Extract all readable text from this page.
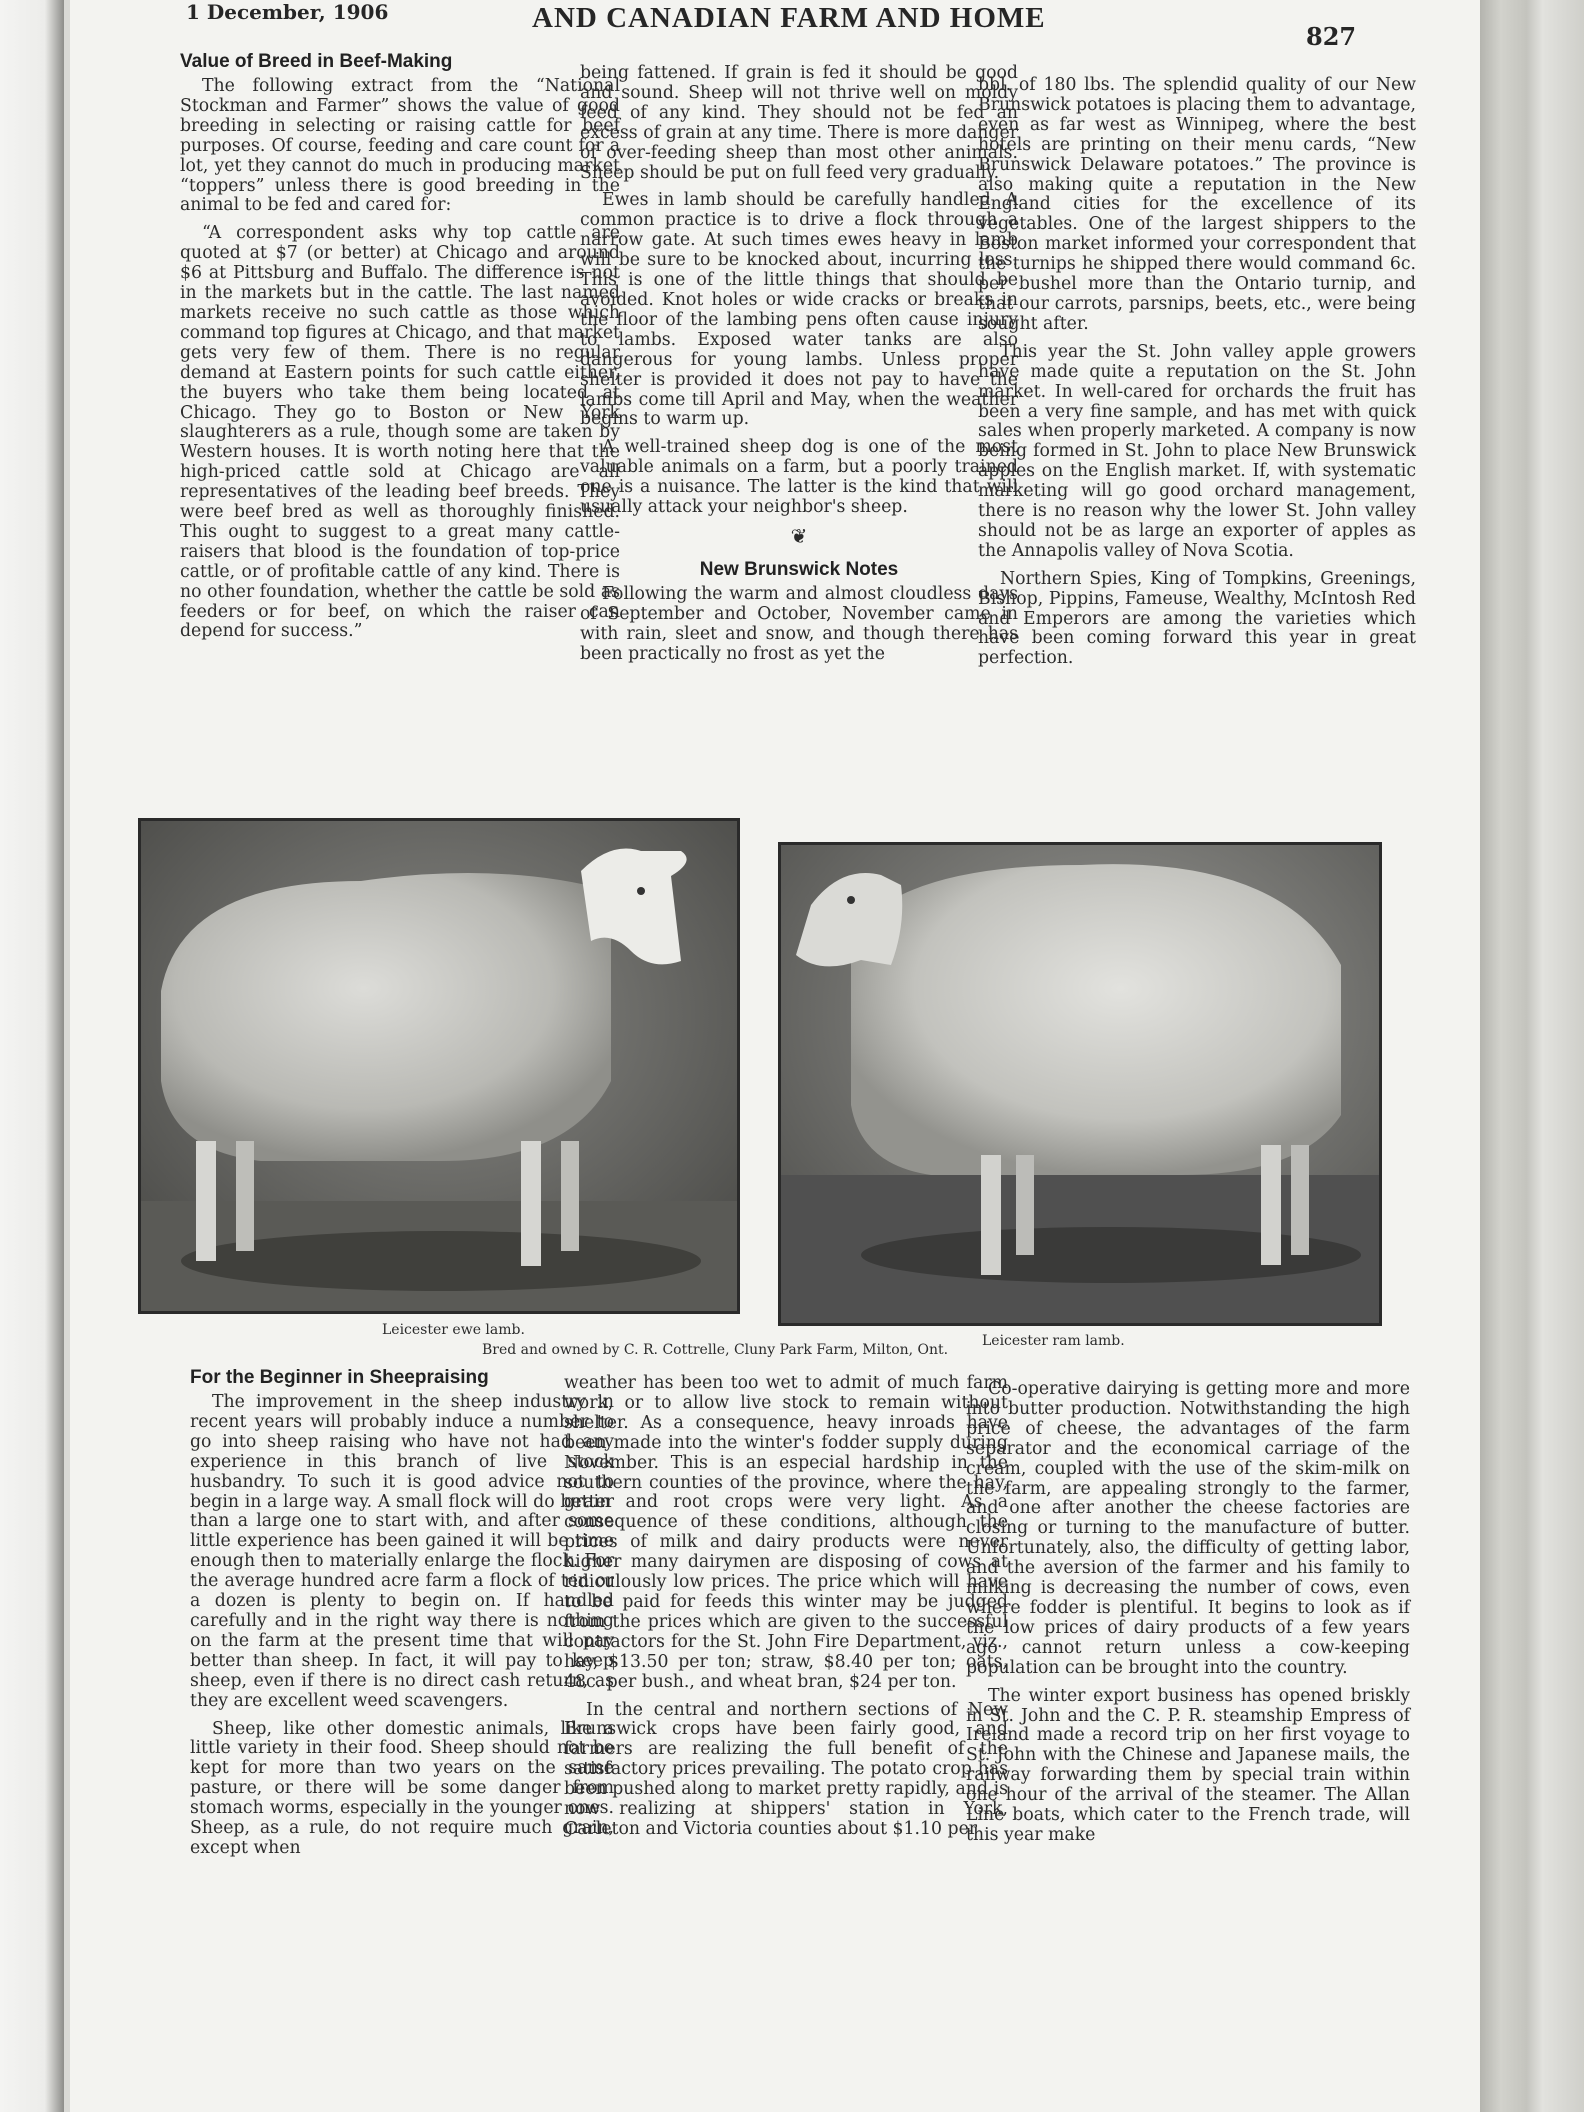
1 December, 1906	AND CANADIAN FARM AND HOME
827
Value of Breed in Beef-Making

The following extract from the “National Stockman and Farmer” shows the value of good breeding in selecting or raising cattle for beef purposes. Of course, feeding and care count for a lot, yet they cannot do much in producing market “toppers” unless there is good breeding in the animal to be fed and cared for:

“A correspondent asks why top cattle are quoted at $7 (or better) at Chicago and around $6 at Pittsburg and Buffalo. The difference is not in the markets but in the cattle. The last named markets receive no such cattle as those which command top figures at Chicago, and that market gets very few of them. There is no regular demand at Eastern points for such cattle either, the buyers who take them being located at Chicago. They go to Boston or New York slaughterers as a rule, though some are taken by Western houses. It is worth noting here that the high-priced cattle sold at Chicago are all representatives of the leading beef breeds. They were beef bred as well as thoroughly finished. This ought to suggest to a great many cattle-raisers that blood is the foundation of top-price cattle, or of profitable cattle of any kind. There is no other foundation, whether the cattle be sold as feeders or for beef, on which the raiser can depend for success.”

being fattened. If grain is fed it should be good and sound. Sheep will not thrive well on moldy feed of any kind. They should not be fed an excess of grain at any time. There is more danger of over-feeding sheep than most other animals. Sheep should be put on full feed very gradually.

Ewes in lamb should be carefully handled. A common practice is to drive a flock through a narrow gate. At such times ewes heavy in lamb will be sure to be knocked about, incurring loss. This is one of the little things that should be avoided. Knot holes or wide cracks or breaks in the floor of the lambing pens often cause injury to lambs. Exposed water tanks are also dangerous for young lambs. Unless proper shelter is provided it does not pay to have the lambs come till April and May, when the weather begins to warm up.

A well-trained sheep dog is one of the most valuable animals on a farm, but a poorly trained one is a nuisance. The latter is the kind that will usually attack your neighbor's sheep.

❦
New Brunswick Notes

Following the warm and almost cloudless days of September and October, November came in with rain, sleet and snow, and though there has been practically no frost as yet the

bbl. of 180 lbs. The splendid quality of our New Brunswick potatoes is placing them to advantage, even as far west as Winnipeg, where the best hotels are printing on their menu cards, “New Brunswick Delaware potatoes.” The province is also making quite a reputation in the New England cities for the excellence of its vegetables. One of the largest shippers to the Boston market informed your correspondent that the turnips he shipped there would command 6c. per bushel more than the Ontario turnip, and that our carrots, parsnips, beets, etc., were being sought after.

This year the St. John valley apple growers have made quite a reputation on the St. John market. In well-cared for orchards the fruit has been a very fine sample, and has met with quick sales when properly marketed. A company is now being formed in St. John to place New Brunswick apples on the English market. If, with systematic marketing will go good orchard management, there is no reason why the lower St. John valley should not be as large an exporter of apples as the Annapolis valley of Nova Scotia.

Northern Spies, King of Tompkins, Greenings, Bishop, Pippins, Fameuse, Wealthy, McIntosh Red and Emperors are among the varieties which have been coming forward this year in great perfection.

Leicester ewe lamb.
Leicester ram lamb.
Bred and owned by C. R. Cottrelle, Cluny Park Farm, Milton, Ont.
For the Beginner in Sheepraising

The improvement in the sheep industry in recent years will probably induce a number to go into sheep raising who have not had any experience in this branch of live stock husbandry. To such it is good advice not to begin in a large way. A small flock will do better than a large one to start with, and after some little experience has been gained it will be time enough then to materially enlarge the flock. For the average hundred acre farm a flock of ten or a dozen is plenty to begin on. If handled carefully and in the right way there is nothing on the farm at the present time that will pay better than sheep. In fact, it will pay to keep sheep, even if there is no direct cash return, as they are excellent weed scavengers.

Sheep, like other domestic animals, like a little variety in their food. Sheep should not be kept for more than two years on the same pasture, or there will be some danger from stomach worms, especially in the younger ones. Sheep, as a rule, do not require much grain, except when

weather has been too wet to admit of much farm work, or to allow live stock to remain without shelter. As a consequence, heavy inroads have been made into the winter's fodder supply during November. This is an especial hardship in the southern counties of the province, where the hay, grain and root crops were very light. As a consequence of these conditions, although the prices of milk and dairy products were never higher many dairymen are disposing of cows at ridiculously low prices. The price which will have to be paid for feeds this winter may be judged from the prices which are given to the successful contractors for the St. John Fire Department, viz., hay, $13.50 per ton; straw, $8.40 per ton; oats, 48c. per bush., and wheat bran, $24 per ton.

In the central and northern sections of New Brunswick crops have been fairly good, and farmers are realizing the full benefit of the satisfactory prices prevailing. The potato crop has been pushed along to market pretty rapidly, and is now realizing at shippers' station in York, Carleton and Victoria counties about $1.10 per

Co-operative dairying is getting more and more into butter production. Notwithstanding the high price of cheese, the advantages of the farm separator and the economical carriage of the cream, coupled with the use of the skim-milk on the farm, are appealing strongly to the farmer, and one after another the cheese factories are closing or turning to the manufacture of butter. Unfortunately, also, the difficulty of getting labor, and the aversion of the farmer and his family to milking is decreasing the number of cows, even where fodder is plentiful. It begins to look as if the low prices of dairy products of a few years ago cannot return unless a cow-keeping population can be brought into the country.

The winter export business has opened briskly in St. John and the C. P. R. steamship Empress of Ireland made a record trip on her first voyage to St. John with the Chinese and Japanese mails, the railway forwarding them by special train within one hour of the arrival of the steamer. The Allan Line boats, which cater to the French trade, will this year make
